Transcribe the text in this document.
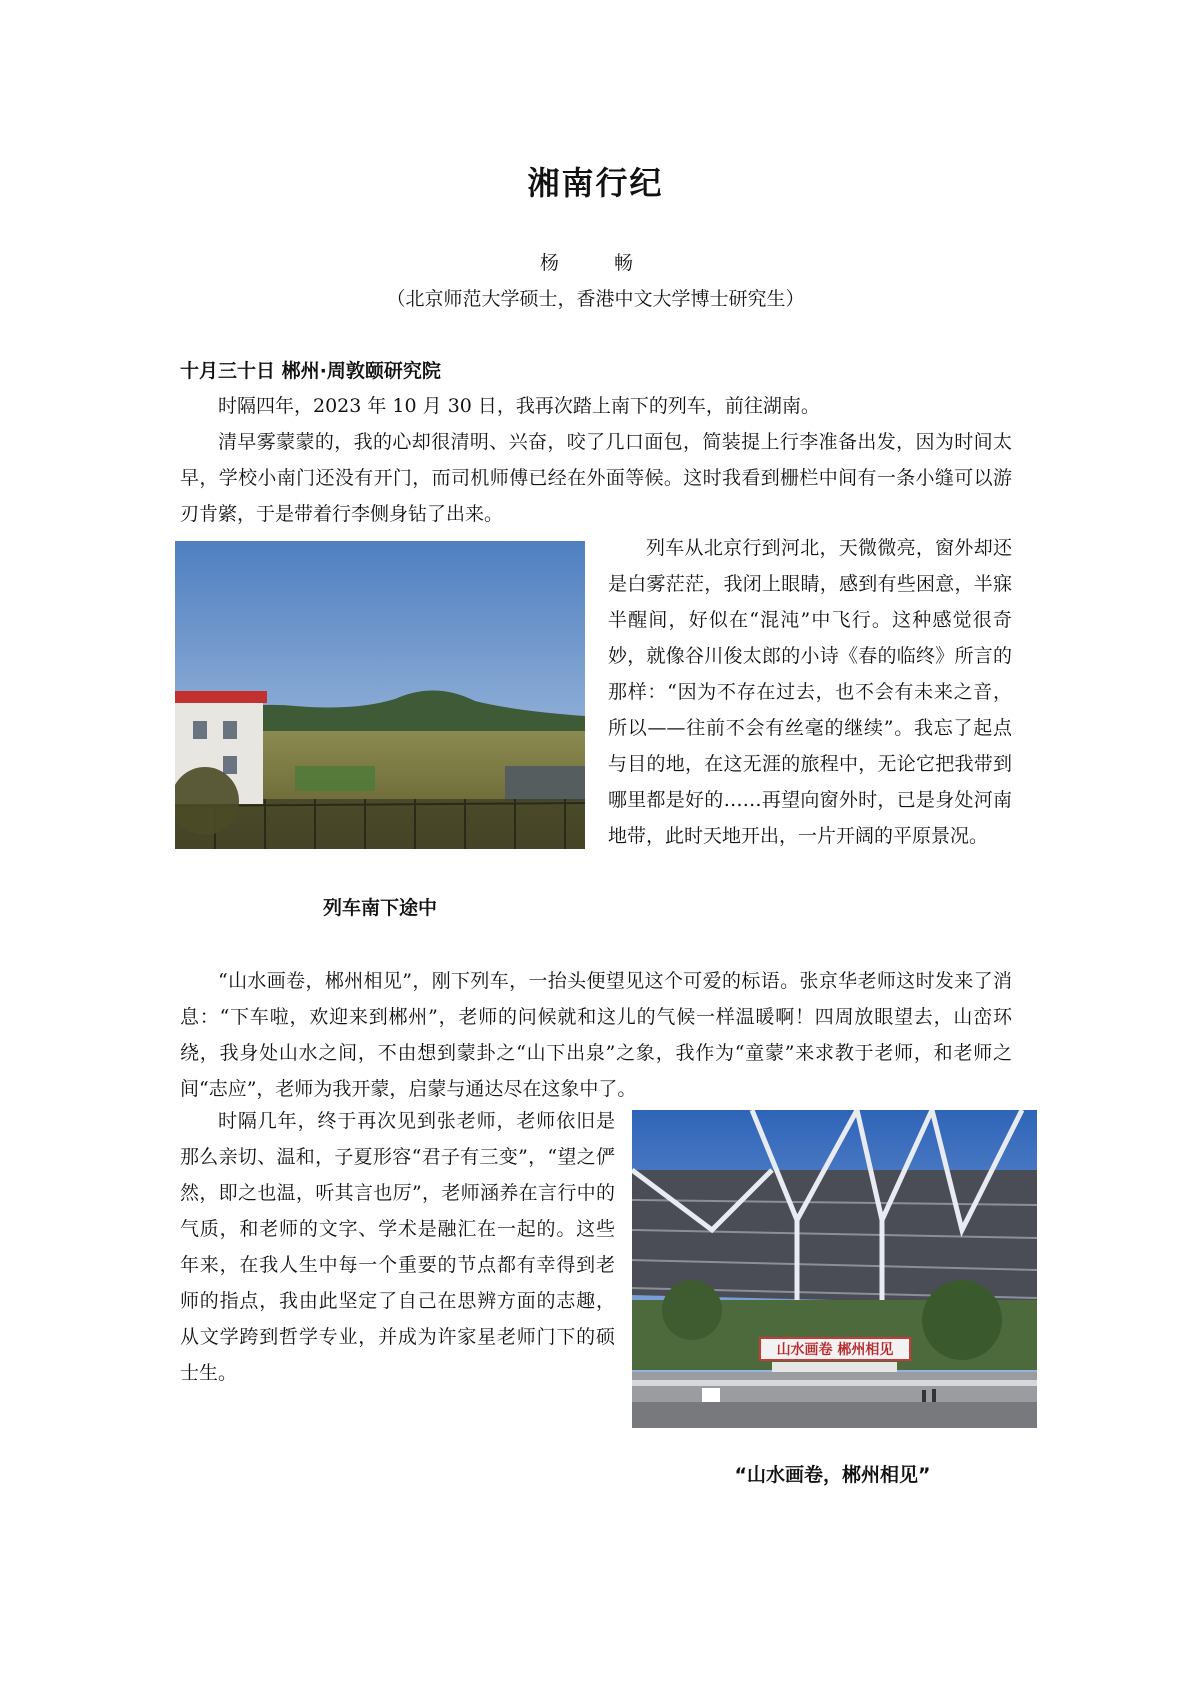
湘南行纪
杨　畅
（北京师范大学硕士，香港中文大学博士研究生）
十月三十日 郴州·周敦颐研究院

时隔四年，2023 年 10 月 30 日，我再次踏上南下的列车，前往湖南。

清早雾蒙蒙的，我的心却很清明、兴奋，咬了几口面包，简装提上行李准备出发，因为时间太早，学校小南门还没有开门，而司机师傅已经在外面等候。这时我看到栅栏中间有一条小缝可以游刃肯綮，于是带着行李侧身钻了出来。

列车从北京行到河北，天微微亮，窗外却还是白雾茫茫，我闭上眼睛，感到有些困意，半寐半醒间，好似在“混沌”中飞行。这种感觉很奇妙，就像谷川俊太郎的小诗《春的临终》所言的那样：“因为不存在过去，也不会有未来之音，所以——往前不会有丝毫的继续”。我忘了起点与目的地，在这无涯的旅程中，无论它把我带到哪里都是好的……再望向窗外时，已是身处河南地带，此时天地开出，一片开阔的平原景况。

列车南下途中

“山水画卷，郴州相见”，刚下列车，一抬头便望见这个可爱的标语。张京华老师这时发来了消息：“下车啦，欢迎来到郴州”，老师的问候就和这儿的气候一样温暖啊！四周放眼望去，山峦环绕，我身处山水之间，不由想到蒙卦之“山下出泉”之象，我作为“童蒙”来求教于老师，和老师之间“志应”，老师为我开蒙，启蒙与通达尽在这象中了。

时隔几年，终于再次见到张老师，老师依旧是那么亲切、温和，子夏形容“君子有三变”，“望之俨然，即之也温，听其言也厉”，老师涵养在言行中的气质，和老师的文字、学术是融汇在一起的。这些年来，在我人生中每一个重要的节点都有幸得到老师的指点，我由此坚定了自己在思辨方面的志趣，从文学跨到哲学专业，并成为许家星老师门下的硕士生。

山水画卷 郴州相见
“山水画卷，郴州相见”
